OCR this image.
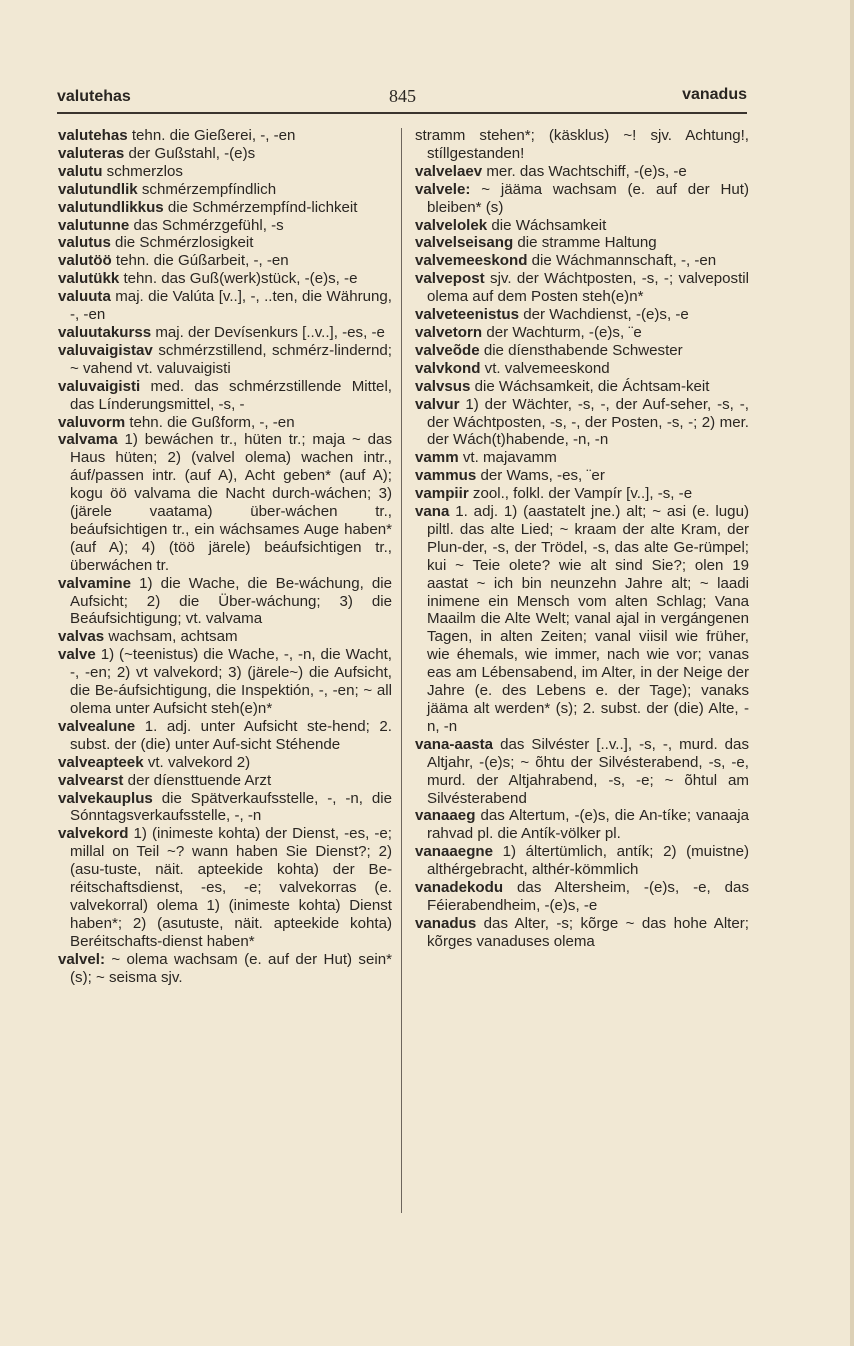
valutehas	845	vanadus

valutehas tehn. die Gießerei, -, -en

valuteras der Gußstahl, -(e)s

valutu schmerzlos

valutundlik schmérzempfíndlich

valutundlikkus die Schmérzempfínd-lichkeit

valutunne das Schmérzgefühl, -s

valutus die Schmérzlosigkeit

valutöö tehn. die Gúßarbeit, -, -en

valutükk tehn. das Guß(werk)stück, -(e)s, -e

valuuta maj. die Valúta [v..], -, ..ten, die Währung, -, -en

valuutakurss maj. der Devísenkurs [..v..], -es, -e

valuvaigistav schmérzstillend, schmérz-lindernd; ~ vahend vt. valuvaigisti

valuvaigisti med. das schmérzstillende Mittel, das Línderungsmittel, -s, -

valuvorm tehn. die Gußform, -, -en

valvama 1) bewáchen tr., hüten tr.; maja ~ das Haus hüten; 2) (valvel olema) wachen intr., áuf/passen intr. (auf A), Acht geben* (auf A); kogu öö valvama die Nacht durch-wáchen; 3) (järele vaatama) über-wáchen tr., beáufsichtigen tr., ein wáchsames Auge haben* (auf A); 4) (töö järele) beáufsichtigen tr., überwáchen tr.

valvamine 1) die Wache, die Be-wáchung, die Aufsicht; 2) die Über-wáchung; 3) die Beáufsichtigung; vt. valvama

valvas wachsam, achtsam

valve 1) (~teenistus) die Wache, -, -n, die Wacht, -, -en; 2) vt valvekord; 3) (järele~) die Aufsicht, die Be-áufsichtigung, die Inspektión, -, -en; ~ all olema unter Aufsicht steh(e)n*

valvealune 1. adj. unter Aufsicht ste-hend; 2. subst. der (die) unter Auf-sicht Stéhende

valveapteek vt. valvekord 2)

valvearst der díensttuende Arzt

valvekauplus die Spätverkaufsstelle, -, -n, die Sónntagsverkaufsstelle, -, -n

valvekord 1) (inimeste kohta) der Dienst, -es, -e; millal on Teil ~? wann haben Sie Dienst?; 2) (asu-tuste, näit. apteekide kohta) der Be-réitschaftsdienst, -es, -e; valvekorras (e. valvekorral) olema 1) (inimeste kohta) Dienst haben*; 2) (asutuste, näit. apteekide kohta) Beréitschafts-dienst haben*

valvel: ~ olema wachsam (e. auf der Hut) sein* (s); ~ seisma sjv.

stramm stehen*; (käsklus) ~! sjv. Achtung!, stíllgestanden!

valvelaev mer. das Wachtschiff, -(e)s, -e

valvele: ~ jääma wachsam (e. auf der Hut) bleiben* (s)

valvelolek die Wáchsamkeit

valvelseisang die stramme Haltung

valvemeeskond die Wáchmannschaft, -, -en

valvepost sjv. der Wáchtposten, -s, -; valvepostil olema auf dem Posten steh(e)n*

valveteenistus der Wachdienst, -(e)s, -e

valvetorn der Wachturm, -(e)s, ¨e

valveõde die díensthabende Schwester

valvkond vt. valvemeeskond

valvsus die Wáchsamkeit, die Áchtsam-keit

valvur 1) der Wächter, -s, -, der Auf-seher, -s, -, der Wáchtposten, -s, -, der Posten, -s, -; 2) mer. der Wách(t)habende, -n, -n

vamm vt. majavamm

vammus der Wams, -es, ¨er

vampiir zool., folkl. der Vampír [v..], -s, -e

vana 1. adj. 1) (aastatelt jne.) alt; ~ asi (e. lugu) piltl. das alte Lied; ~ kraam der alte Kram, der Plun-der, -s, der Trödel, -s, das alte Ge-rümpel; kui ~ Teie olete? wie alt sind Sie?; olen 19 aastat ~ ich bin neunzehn Jahre alt; ~ laadi inimene ein Mensch vom alten Schlag; Vana Maailm die Alte Welt; vanal ajal in vergángenen Tagen, in alten Zeiten; vanal viisil wie früher, wie éhemals, wie immer, nach wie vor; vanas eas am Lébensabend, im Alter, in der Neige der Jahre (e. des Lebens e. der Tage); vanaks jääma alt werden* (s); 2. subst. der (die) Alte, -n, -n

vana-aasta das Silvéster [..v..], -s, -, murd. das Altjahr, -(e)s; ~ õhtu der Silvésterabend, -s, -e, murd. der Altjahrabend, -s, -e; ~ õhtul am Silvésterabend

vanaaeg das Altertum, -(e)s, die An-tíke; vanaaja rahvad pl. die Antík-völker pl.

vanaaegne 1) áltertümlich, antík; 2) (muistne) althérgebracht, althér-kömmlich

vanadekodu das Altersheim, -(e)s, -e, das Féierabendheim, -(e)s, -e

vanadus das Alter, -s; kõrge ~ das hohe Alter; kõrges vanaduses olema
